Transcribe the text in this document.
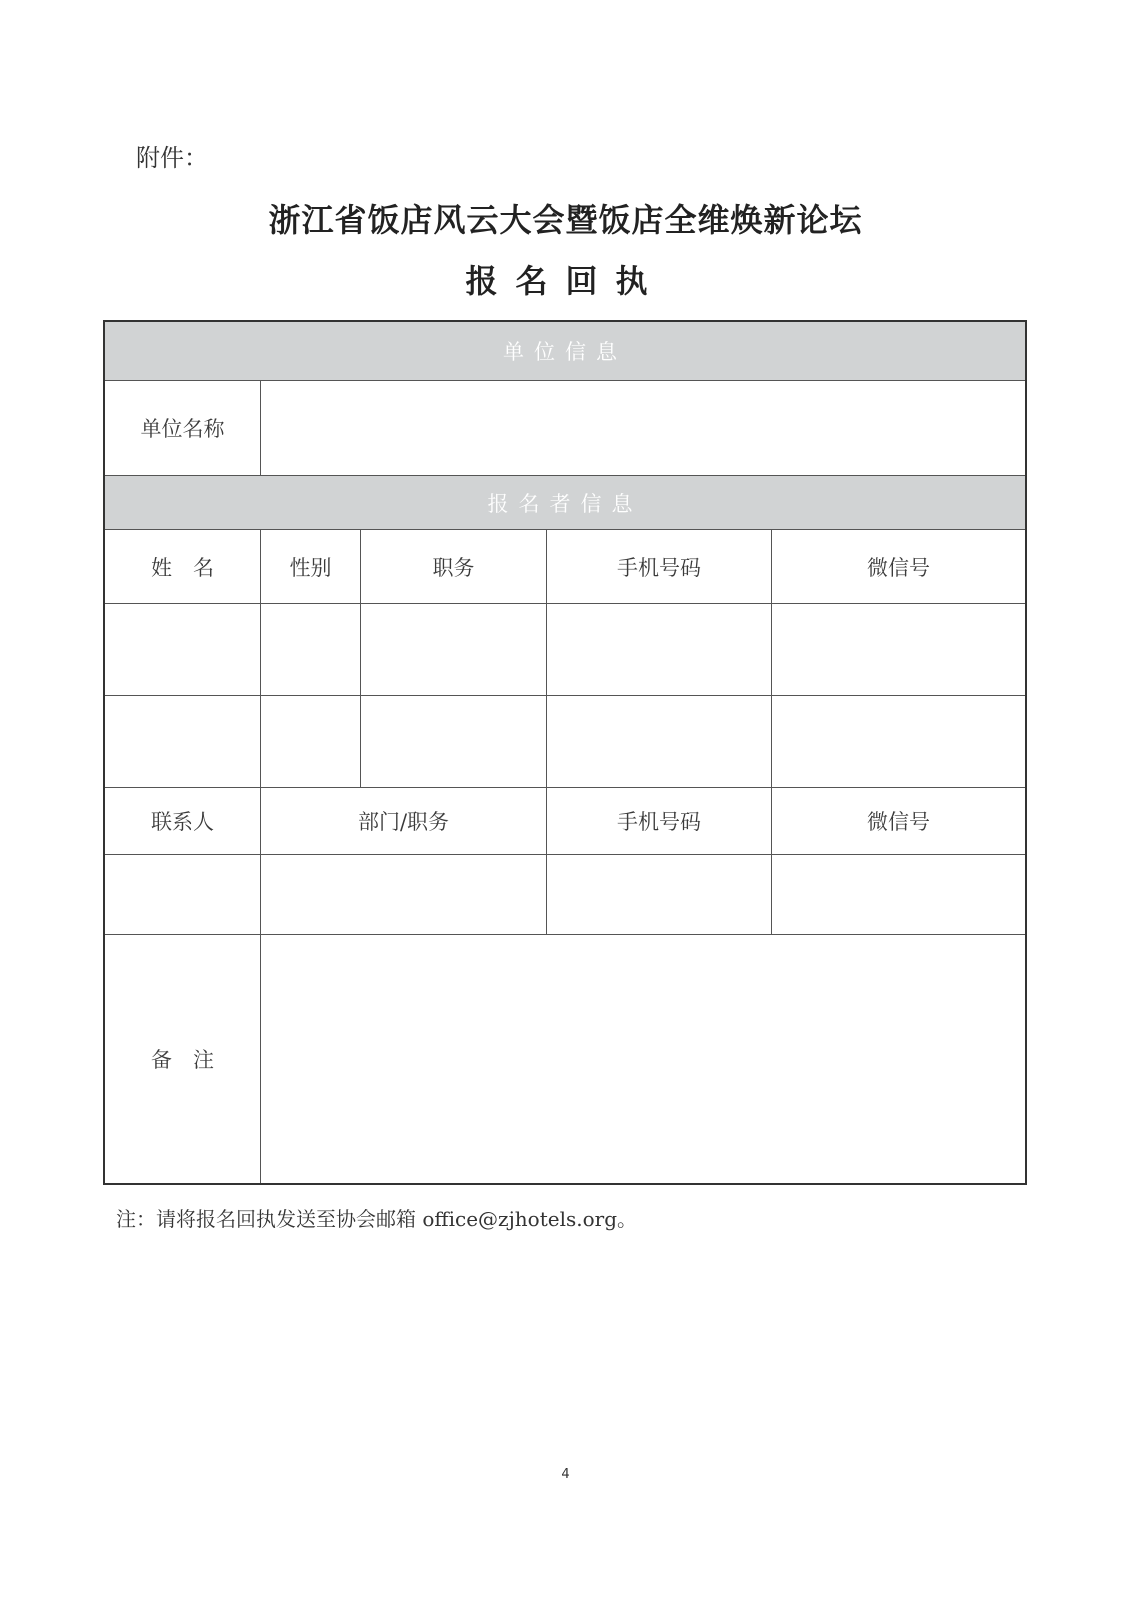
附件：
浙江省饭店风云大会暨饭店全维焕新论坛
报名回执
单位信息
单位名称
报名者信息
姓　名	性别	职务	手机号码	微信号
联系人	部门/职务	手机号码	微信号
备　注
注：请将报名回执发送至协会邮箱 office@zjhotels.org。
4
